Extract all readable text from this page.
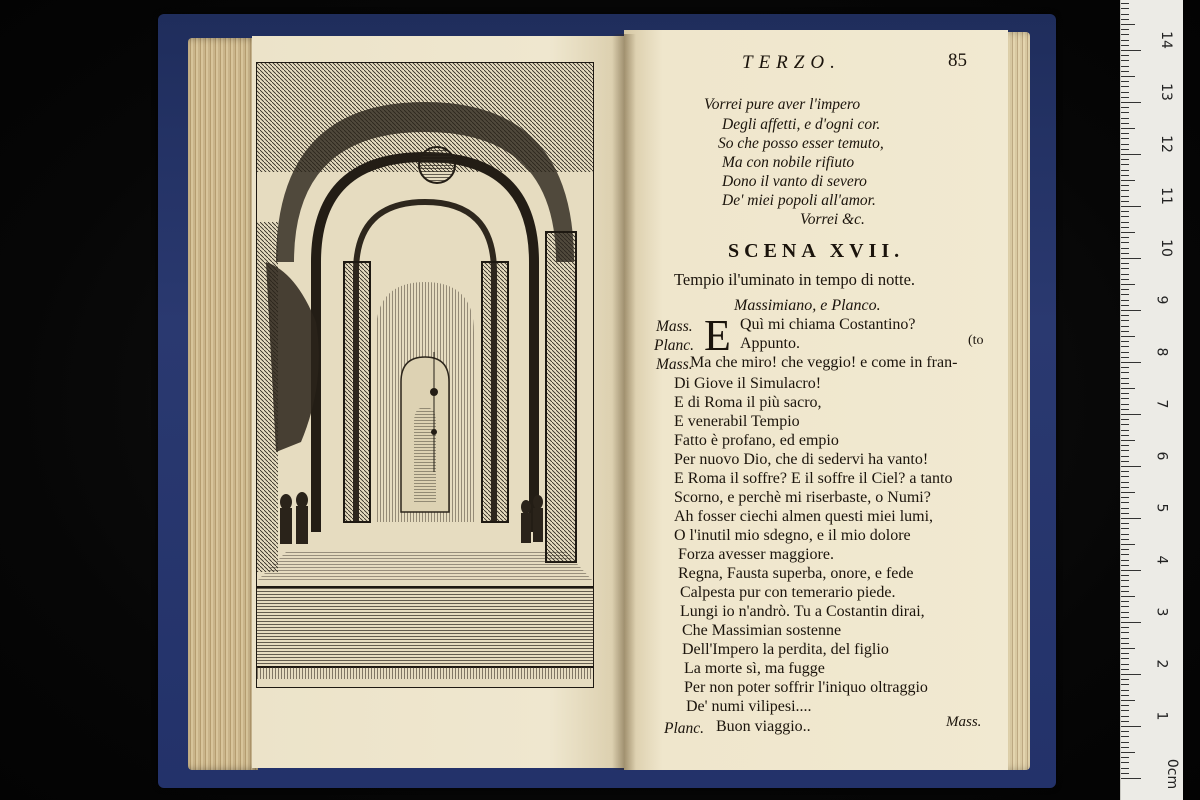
TERZO.	85
Vorrei pure aver l'impero
Degli affetti, e d'ogni cor.
So che posso esser temuto,
Ma con nobile rifiuto
Dono il vanto di severo
De' miei popoli all'amor.
Vorrei &c.
SCENA XVII.
Tempio il'uminato in tempo di notte.
Massimiano, e Planco.
Mass. E Quì mi chiama Costantino?
Planc.	Appunto.	(to
Mass.
Ma che miro! che veggio! e come in fran-
Di Giove il Simulacro!
E di Roma il più sacro,
E venerabil Tempio
Fatto è profano, ed empio
Per nuovo Dio, che di sedervi ha vanto!
E Roma il soffre? E il soffre il Ciel? a tanto
Scorno, e perchè mi riserbaste, o Numi?
Ah fosser ciechi almen questi miei lumi,
O l'inutil mio sdegno, e il mio dolore
Forza avesser maggiore.
Regna, Fausta superba, onore, e fede
Calpesta pur con temerario piede.
Lungi io n'andrò. Tu a Costantin dirai,
Che Massimian sostenne
Dell'Impero la perdita, del figlio
La morte sì, ma fugge
Per non poter soffrir l'iniquo oltraggio
De' numi vilipesi....
Planc. Buon viaggio..	Mass.
0cm
1
2
3
4
5
6
7
8
9
10
11
12
13
14
